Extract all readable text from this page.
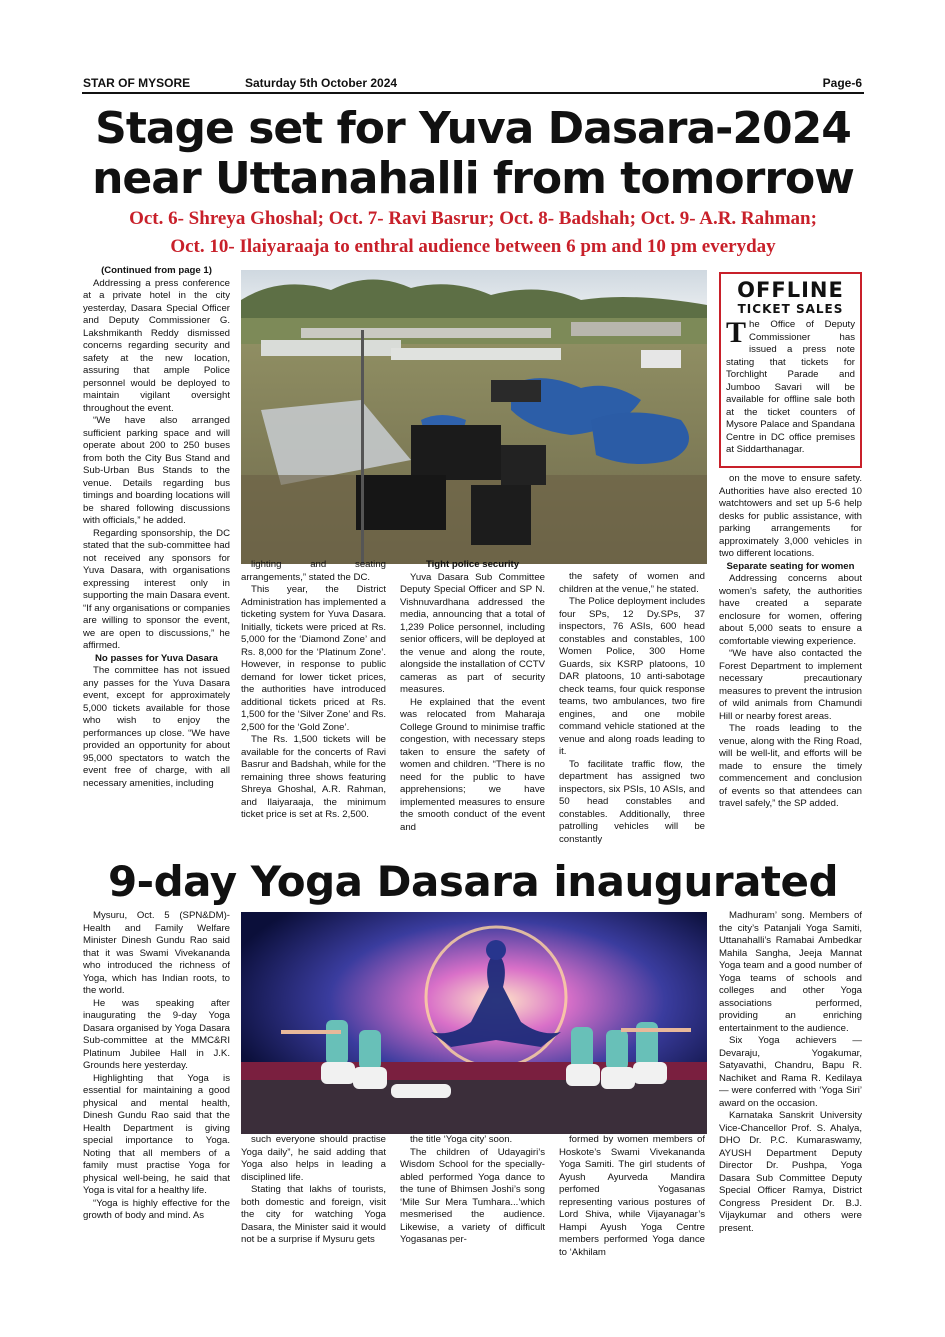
STAR OF MYSORE	Saturday 5th October 2024	Page-6
Stage set for Yuva Dasara-2024
near Uttanahalli from tomorrow
Oct. 6- Shreya Ghoshal; Oct. 7- Ravi Basrur; Oct. 8- Badshah; Oct. 9- A.R. Rahman;
Oct. 10- Ilaiyaraaja to enthral audience between 6 pm and 10 pm everyday

(Continued from page 1)

Addressing a press conference at a private hotel in the city yesterday, Dasara Special Officer and Deputy Commissioner G. Lakshmikanth Reddy dismissed concerns regarding security and safety at the new location, assuring that ample Police personnel would be deployed to maintain vigilant oversight throughout the event.

“We have also arranged sufficient parking space and will operate about 200 to 250 buses from both the City Bus Stand and Sub-Urban Bus Stands to the venue. Details regarding bus timings and boarding locations will be shared following discussions with officials,” he added.

Regarding sponsorship, the DC stated that the sub-committee had not received any sponsors for Yuva Dasara, with organisations expressing interest only in supporting the main Dasara event. “If any organisations or companies are willing to sponsor the event, we are open to discussions,” he affirmed.

No passes for Yuva Dasara

The committee has not issued any passes for the Yuva Dasara event, except for approximately 5,000 tickets available for those who wish to enjoy the performances up close. “We have provided an opportunity for about 95,000 spectators to watch the event free of charge, with all necessary amenities, including

OFFLINE
TICKET SALES
The Office of Deputy Commissioner has issued a press note stating that tickets for Torchlight Parade and Jumboo Savari will be available for offline sale both at the ticket counters of Mysore Palace and Spandana Centre in DC office premises at Siddarthanagar.

on the move to ensure safety. Authorities have also erected 10 watchtowers and set up 5-6 help desks for public assistance, with parking arrangements for approximately 3,000 vehicles in two different locations.

Separate seating for women

Addressing concerns about women’s safety, the authorities have created a separate enclosure for women, offering about 5,000 seats to ensure a comfortable viewing experience.

“We have also contacted the Forest Department to implement necessary precautionary measures to prevent the intrusion of wild animals from Chamundi Hill or nearby forest areas.

The roads leading to the venue, along with the Ring Road, will be well-lit, and efforts will be made to ensure the timely commencement and conclusion of events so that attendees can travel safely,” the SP added.

lighting and seating arrangements,” stated the DC.

This year, the District Administration has implemented a ticketing system for Yuva Dasara. Initially, tickets were priced at Rs. 5,000 for the ‘Diamond Zone’ and Rs. 8,000 for the ‘Platinum Zone’. However, in response to public demand for lower ticket prices, the authorities have introduced additional tickets priced at Rs. 1,500 for the ‘Silver Zone’ and Rs. 2,500 for the ‘Gold Zone’.

The Rs. 1,500 tickets will be available for the concerts of Ravi Basrur and Badshah, while for the remaining three shows featuring Shreya Ghoshal, A.R. Rahman, and Ilaiyaraaja, the minimum ticket price is set at Rs. 2,500.

Tight police security

Yuva Dasara Sub Committee Deputy Special Officer and SP N. Vishnuvardhana addressed the media, announcing that a total of 1,239 Police personnel, including senior officers, will be deployed at the venue and along the route, alongside the installation of CCTV cameras as part of security measures.

He explained that the event was relocated from Maharaja College Ground to minimise traffic congestion, with necessary steps taken to ensure the safety of women and children. “There is no need for the public to have apprehensions; we have implemented measures to ensure the smooth conduct of the event and

the safety of women and children at the venue,” he stated.

The Police deployment includes four SPs, 12 Dy.SPs, 37 inspectors, 76 ASIs, 600 head constables and constables, 100 Women Police, 300 Home Guards, six KSRP platoons, 10 DAR platoons, 10 anti-sabotage check teams, four quick response teams, two ambulances, two fire engines, and one mobile command vehicle stationed at the venue and along roads leading to it.

To facilitate traffic flow, the department has assigned two inspectors, six PSIs, 10 ASIs, and 50 head constables and constables. Additionally, three patrolling vehicles will be constantly

9-day Yoga Dasara inaugurated

Mysuru, Oct. 5 (SPN&DM)- Health and Family Welfare Minister Dinesh Gundu Rao said that it was Swami Vivekananda who introduced the richness of Yoga, which has Indian roots, to the world.

He was speaking after inaugurating the 9-day Yoga Dasara organised by Yoga Dasara Sub-committee at the MMC&RI Platinum Jubilee Hall in J.K. Grounds here yesterday.

Highlighting that Yoga is essential for maintaining a good physical and mental health, Dinesh Gundu Rao said that the Health Department is giving special importance to Yoga. Noting that all members of a family must practise Yoga for physical well-being, he said that Yoga is vital for a healthy life.

“Yoga is highly effective for the growth of body and mind. As

Madhuram’ song. Members of the city’s Patanjali Yoga Samiti, Uttanahalli’s Ramabai Ambedkar Mahila Sangha, Jeeja Mannat Yoga team and a good number of Yoga teams of schools and colleges and other Yoga associations performed, providing an enriching entertainment to the audience.

Six Yoga achievers — Devaraju, Yogakumar, Satyavathi, Chandru, Bapu R. Nachiket and Rama R. Kedilaya — were conferred with ‘Yoga Siri’ award on the occasion.

Karnataka Sanskrit University Vice-Chancellor Prof. S. Ahalya, DHO Dr. P.C. Kumaraswamy, AYUSH Department Deputy Director Dr. Pushpa, Yoga Dasara Sub Committee Deputy Special Officer Ramya, District Congress President Dr. B.J. Vijaykumar and others were present.

such everyone should practise Yoga daily”, he said adding that Yoga also helps in leading a disciplined life.

Stating that lakhs of tourists, both domestic and foreign, visit the city for watching Yoga Dasara, the Minister said it would not be a surprise if Mysuru gets

the title ‘Yoga city’ soon.

The children of Udayagiri’s Wisdom School for the specially-abled performed Yoga dance to the tune of Bhimsen Joshi’s song ‘Mile Sur Mera Tumhara...’which mesmerised the audience. Likewise, a variety of difficult Yogasanas per-

formed by women members of Hoskote’s Swami Vivekananda Yoga Samiti. The girl students of Ayush Ayurveda Mandira perfomed Yogasanas representing various postures of Lord Shiva, while Vijayanagar’s Hampi Ayush Yoga Centre members performed Yoga dance to ‘Akhilam
